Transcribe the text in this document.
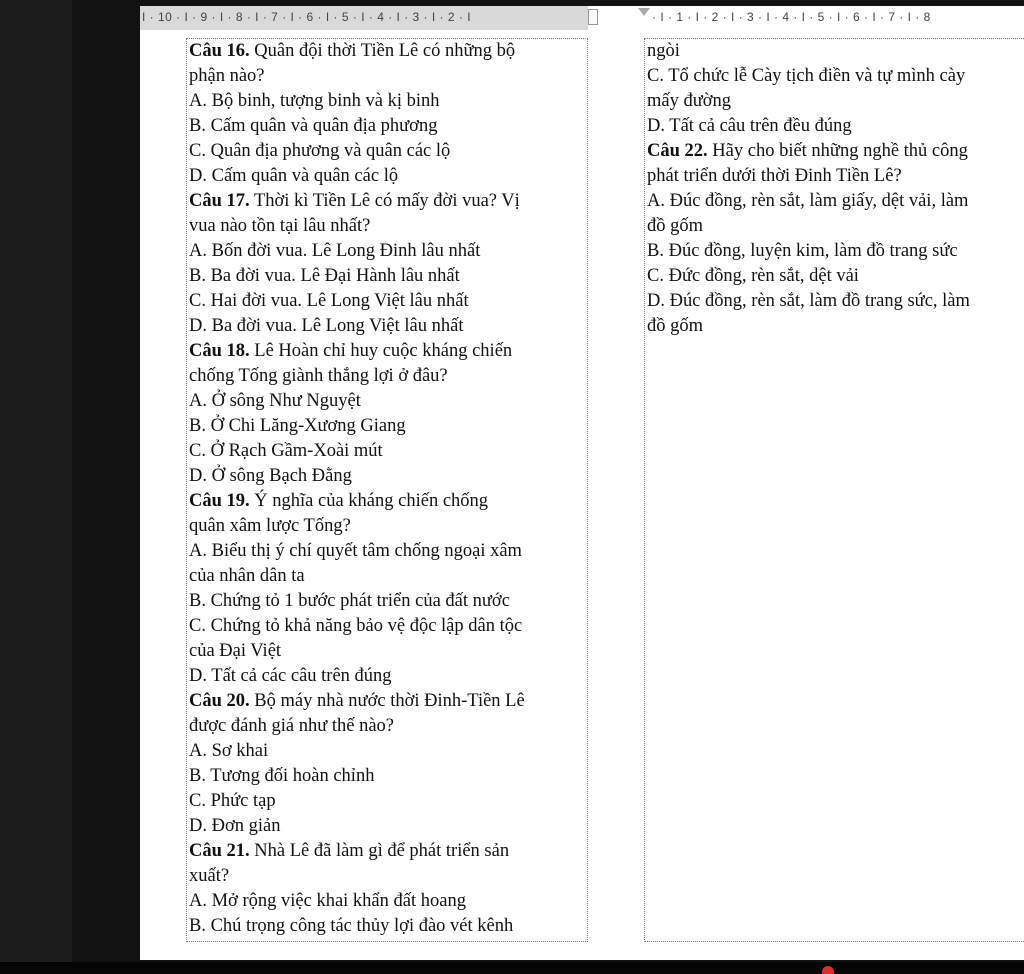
I · 10 · I · 9 · I · 8 · I · 7 · I · 6 · I · 5 · I · 4 · I · 3 · I · 2 · I	· I · 1 · I · 2 · I · 3 · I · 4 · I · 5 · I · 6 · I · 7 · I · 8
Câu 16. Quân đội thời Tiền Lê có những bộ
phận nào?
A. Bộ binh, tượng binh và kị binh
B. Cấm quân và quân địa phương
C. Quân địa phương và quân các lộ
D. Cấm quân và quân các lộ
Câu 17. Thời kì Tiền Lê có mấy đời vua? Vị
vua nào tồn tại lâu nhất?
A. Bốn đời vua. Lê Long Đinh lâu nhất
B. Ba đời vua. Lê Đại Hành lâu nhất
C. Hai đời vua. Lê Long Việt lâu nhất
D. Ba đời vua. Lê Long Việt lâu nhất
Câu 18. Lê Hoàn chỉ huy cuộc kháng chiến
chống Tống giành thắng lợi ở đâu?
A. Ở sông Như Nguyệt
B. Ở Chi Lăng-Xương Giang
C. Ở Rạch Gầm-Xoài mút
D. Ở sông Bạch Đằng
Câu 19. Ý nghĩa của kháng chiến chống
quân xâm lược Tống?
A. Biểu thị ý chí quyết tâm chống ngoại xâm
của nhân dân ta
B. Chứng tỏ 1 bước phát triển của đất nước
C. Chứng tỏ khả năng bảo vệ độc lập dân tộc
của Đại Việt
D. Tất cả các câu trên đúng
Câu 20. Bộ máy nhà nước thời Đinh-Tiền Lê
được đánh giá như thế nào?
A. Sơ khai
B. Tương đối hoàn chỉnh
C. Phức tạp
D. Đơn giản
Câu 21. Nhà Lê đã làm gì để phát triển sản
xuất?
A. Mở rộng việc khai khẩn đất hoang
B. Chú trọng công tác thủy lợi đào vét kênh
ngòi
C. Tổ chức lễ Cày tịch điền và tự mình cày
mấy đường
D. Tất cả câu trên đều đúng
Câu 22. Hãy cho biết những nghề thủ công
phát triển dưới thời Đinh Tiền Lê?
A. Đúc đồng, rèn sắt, làm giấy, dệt vải, làm
đồ gốm
B. Đúc đồng, luyện kim, làm đồ trang sức
C. Đức đồng, rèn sắt, dệt vải
D. Đúc đồng, rèn sắt, làm đồ trang sức, làm
đồ gốm
